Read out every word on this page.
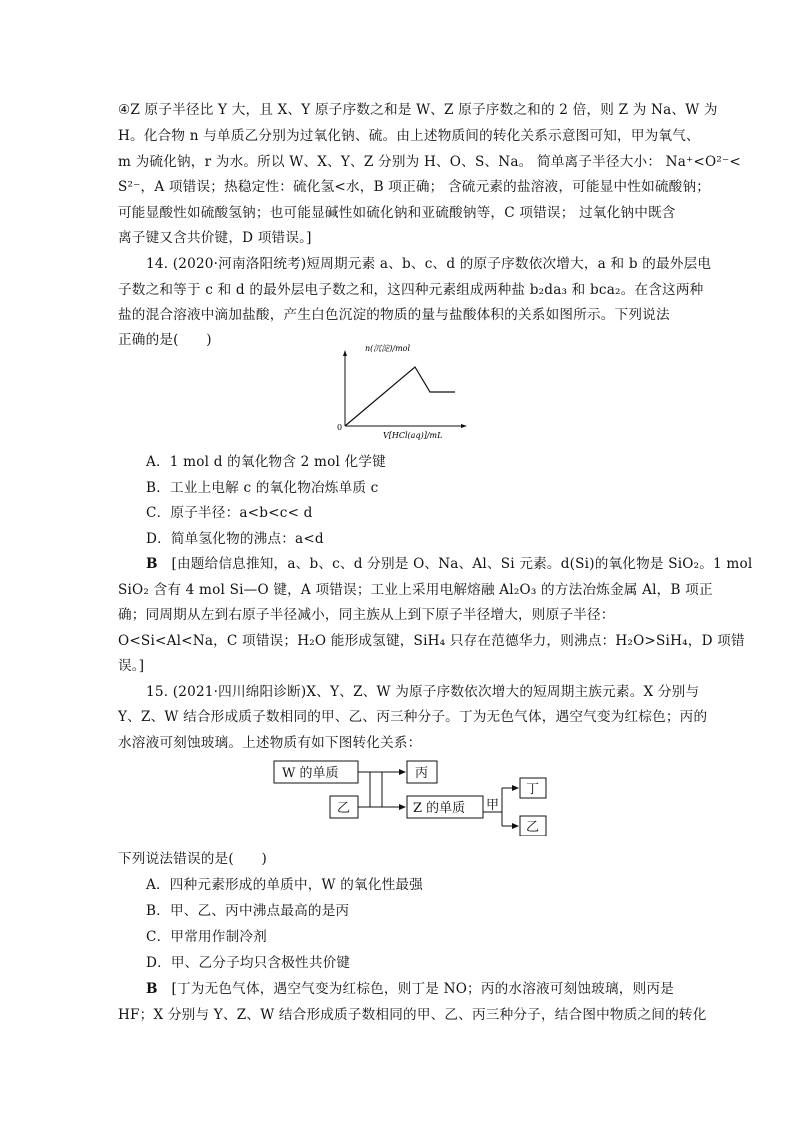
④Z 原子半径比 Y 大，且 X、Y 原子序数之和是 W、Z 原子序数之和的 2 倍，则 Z 为 Na、W 为
H。化合物 n 与单质乙分别为过氧化钠、硫。由上述物质间的转化关系示意图可知，甲为氧气、
m 为硫化钠，r 为水。所以 W、X、Y、Z 分别为 H、O、S、Na。 简单离子半径大小： Na⁺<O²⁻<
S²⁻，A 项错误；热稳定性：硫化氢<水，B 项正确； 含硫元素的盐溶液，可能显中性如硫酸钠；
可能显酸性如硫酸氢钠；也可能显碱性如硫化钠和亚硫酸钠等，C 项错误； 过氧化钠中既含
离子键又含共价键，D 项错误。]
14. (2020·河南洛阳统考)短周期元素 a、b、c、d 的原子序数依次增大，a 和 b 的最外层电
子数之和等于 c 和 d 的最外层电子数之和，这四种元素组成两种盐 b₂da₃ 和 bca₂。在含这两种
盐的混合溶液中滴加盐酸，产生白色沉淀的物质的量与盐酸体积的关系如图所示。下列说法
正确的是(　　)
n(沉淀)/mol
0
V[HCl(aq)]/mL
A．1 mol d 的氧化物含 2 mol 化学键
B．工业上电解 c 的氧化物冶炼单质 c
C．原子半径：a<b<c< d
D．简单氢化物的沸点：a<d
B　 [由题给信息推知，a、b、c、d 分别是 O、Na、Al、Si 元素。d(Si)的氧化物是 SiO₂。1 mol
SiO₂ 含有 4 mol Si—O 键，A 项错误；工业上采用电解熔融 Al₂O₃ 的方法冶炼金属 Al，B 项正
确；同周期从左到右原子半径减小，同主族从上到下原子半径增大，则原子半径：
O<Si<Al<Na，C 项错误；H₂O 能形成氢键，SiH₄ 只存在范德华力，则沸点：H₂O>SiH₄，D 项错
误。]
15. (2021·四川绵阳诊断)X、Y、Z、W 为原子序数依次增大的短周期主族元素。X 分别与
Y、Z、W 结合形成质子数相同的甲、乙、丙三种分子。丁为无色气体，遇空气变为红棕色；丙的
水溶液可刻蚀玻璃。上述物质有如下图转化关系：
W 的单质
乙
丙
Z 的单质 甲
丁
乙
下列说法错误的是(　　)
A．四种元素形成的单质中，W 的氧化性最强
B．甲、乙、丙中沸点最高的是丙
C．甲常用作制冷剂
D．甲、乙分子均只含极性共价键
B　 [丁为无色气体，遇空气变为红棕色，则丁是 NO；丙的水溶液可刻蚀玻璃，则丙是
HF；X 分别与 Y、Z、W 结合形成质子数相同的甲、乙、丙三种分子，结合图中物质之间的转化
